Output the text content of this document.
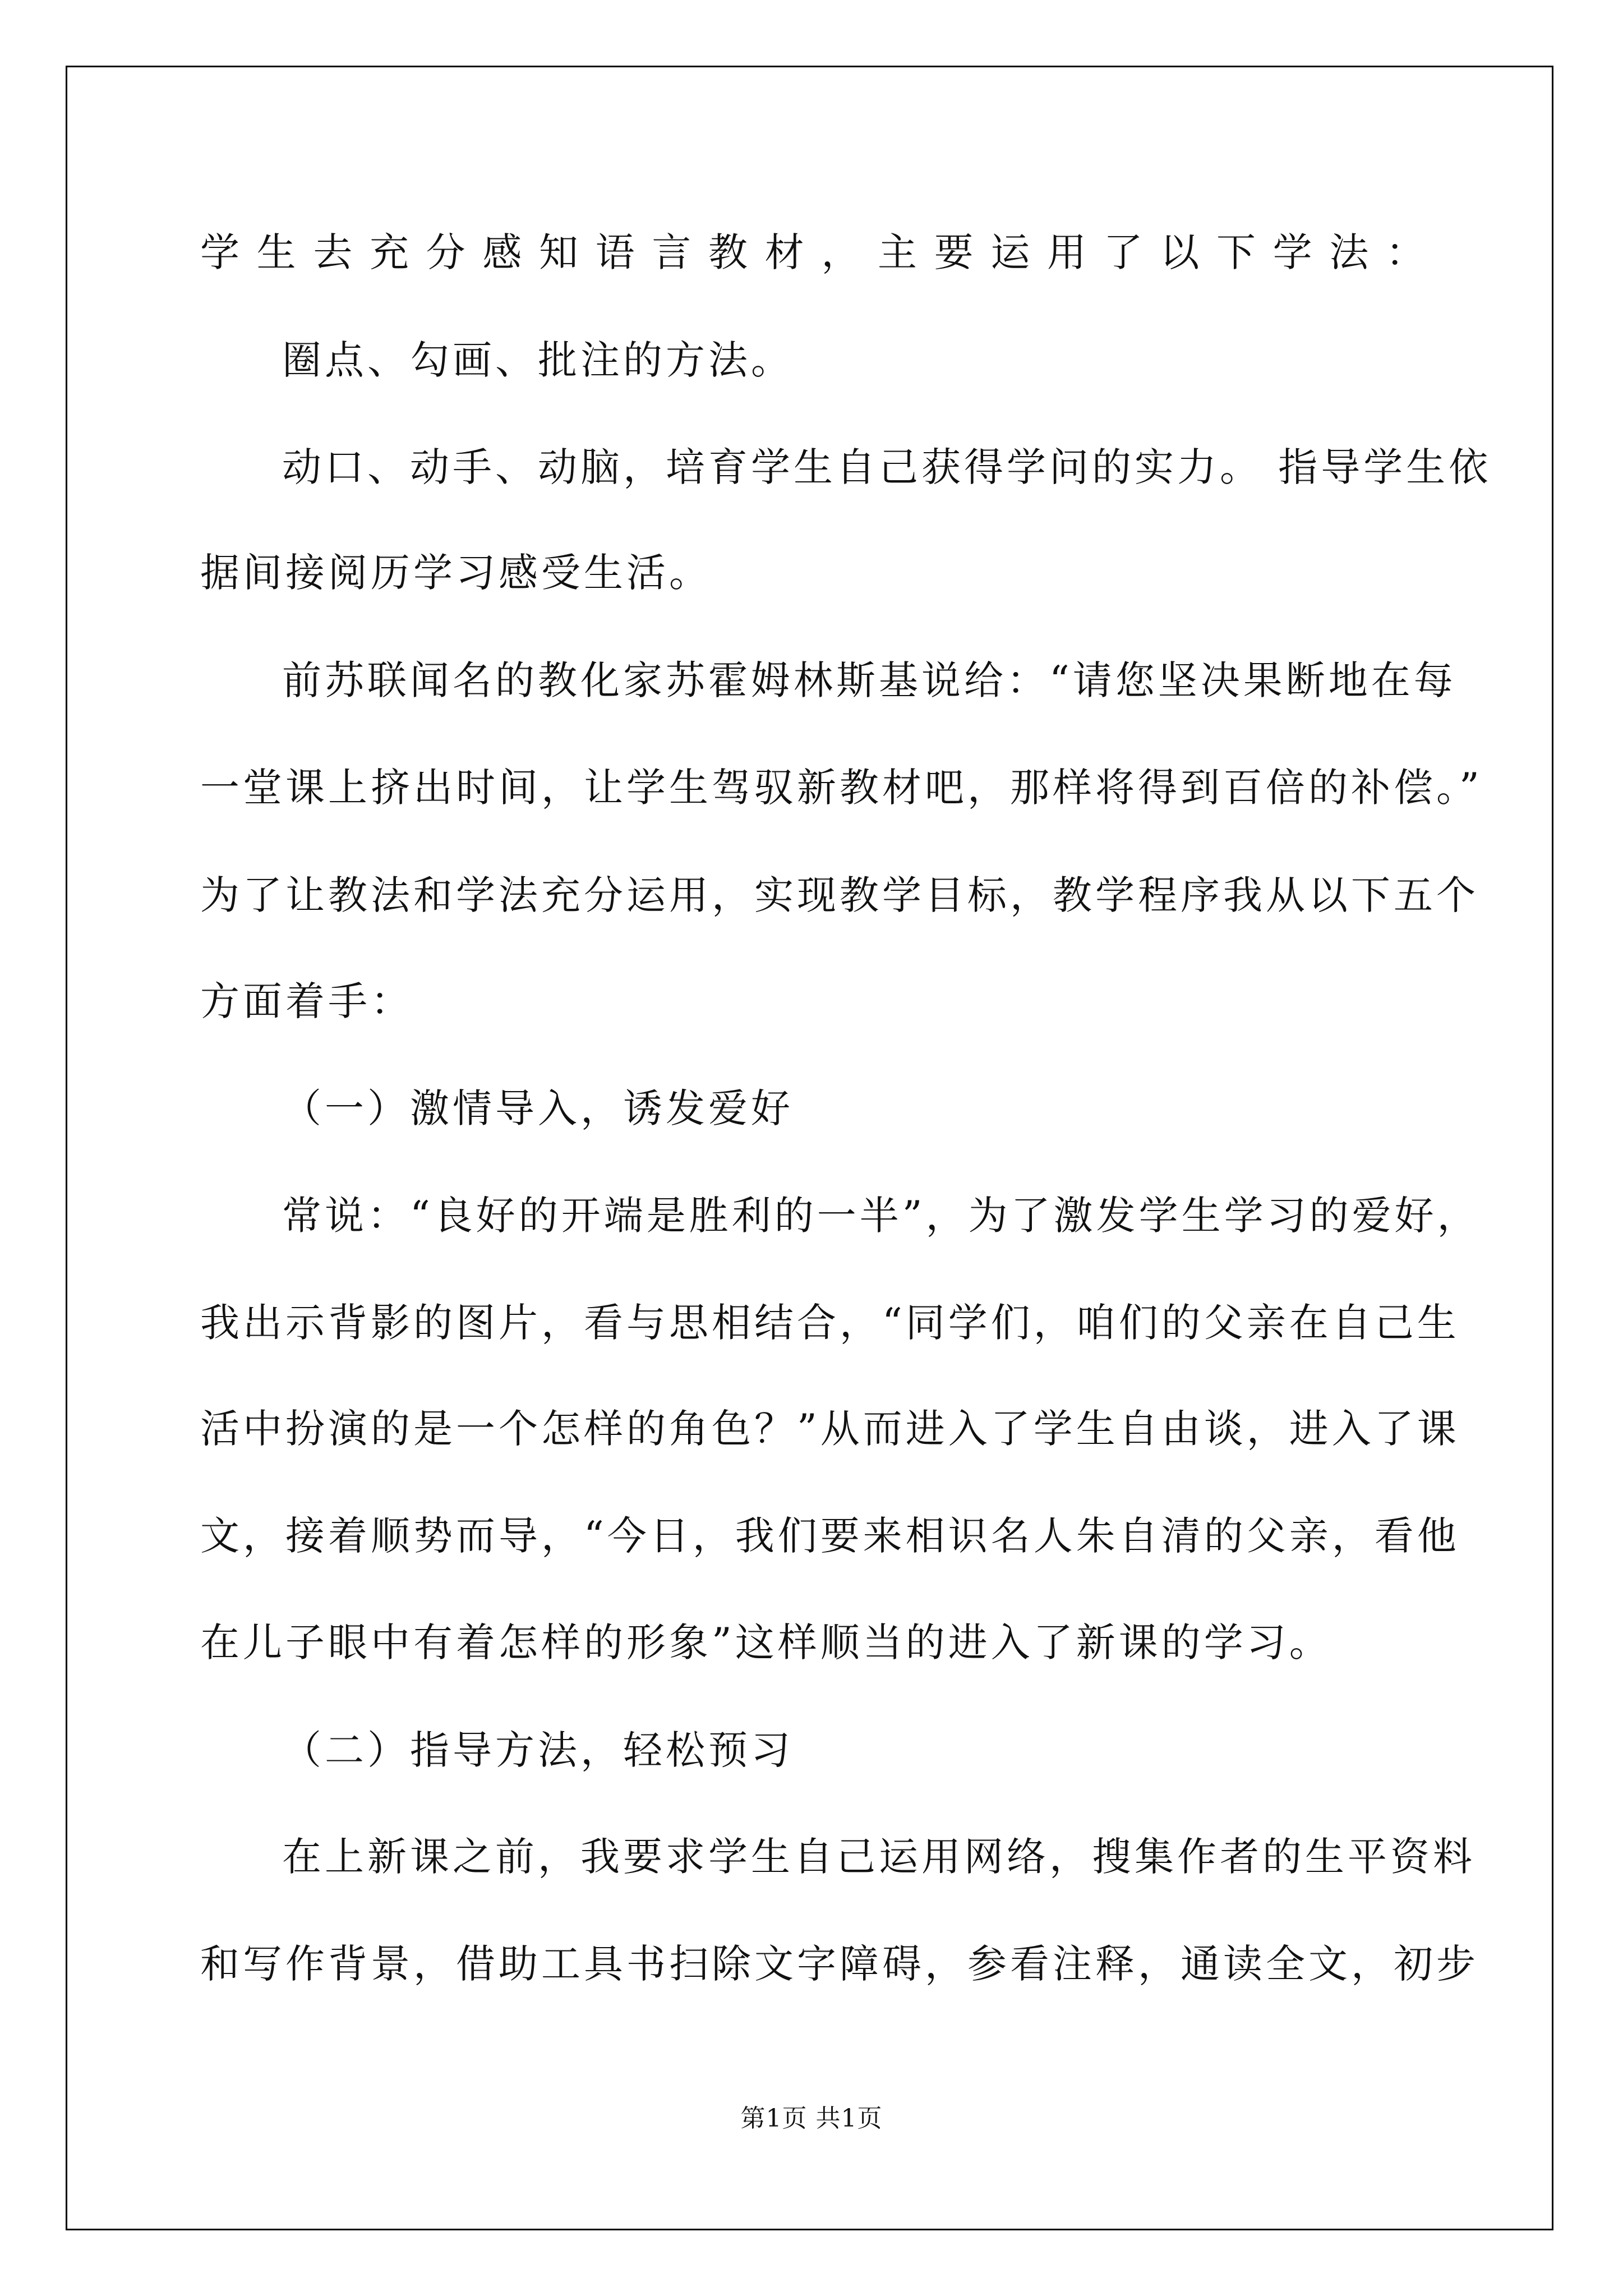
学生去充分感知语言教材，主要运用了以下学法：
圈点、勾画、批注的方法。
动口、动手、动脑，培育学生自己获得学问的实力。 指导学生依
据间接阅历学习感受生活。
前苏联闻名的教化家苏霍姆林斯基说给：“请您坚决果断地在每
一堂课上挤出时间，让学生驾驭新教材吧，那样将得到百倍的补偿。”
为了让教法和学法充分运用，实现教学目标，教学程序我从以下五个
方面着手：
（一）激情导入，诱发爱好
常说：“良好的开端是胜利的一半”，为了激发学生学习的爱好，
我出示背影的图片，看与思相结合，“同学们，咱们的父亲在自己生
活中扮演的是一个怎样的角色？”从而进入了学生自由谈，进入了课
文，接着顺势而导，“今日，我们要来相识名人朱自清的父亲，看他
在儿子眼中有着怎样的形象”这样顺当的进入了新课的学习。
（二）指导方法，轻松预习
在上新课之前，我要求学生自己运用网络，搜集作者的生平资料
和写作背景，借助工具书扫除文字障碍，参看注释，通读全文，初步
第1页 共1页
